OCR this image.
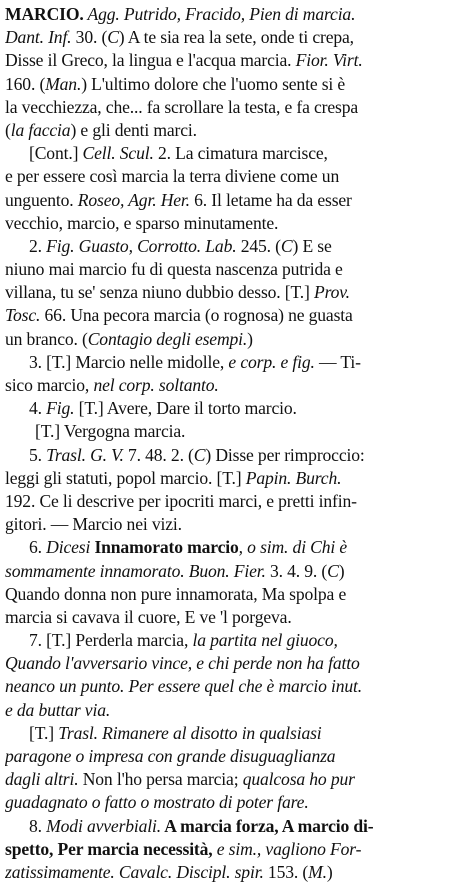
MARCIO. Agg. Putrido, Fracido, Pien di marcia.
Dant. Inf. 30. (C) A te sia rea la sete, onde ti crepa,
Disse il Greco, la lingua e l'acqua marcia. Fior. Virt.
160. (Man.) L'ultimo dolore che l'uomo sente si è
la vecchiezza, che... fa scrollare la testa, e fa crespa
(la faccia) e gli denti marci.
[Cont.] Cell. Scul. 2. La cimatura marcisce,
e per essere così marcia la terra diviene come un
unguento. Roseo, Agr. Her. 6. Il letame ha da esser
vecchio, marcio, e sparso minutamente.
2. Fig. Guasto, Corrotto. Lab. 245. (C) E se
niuno mai marcio fu di questa nascenza putrida e
villana, tu se' senza niuno dubbio desso. [T.] Prov.
Tosc. 66. Una pecora marcia (o rognosa) ne guasta
un branco. (Contagio degli esempi.)
3. [T.] Marcio nelle midolle, e corp. e fig. — Ti-
sico marcio, nel corp. soltanto.
4. Fig. [T.] Avere, Dare il torto marcio.
[T.] Vergogna marcia.
5. Trasl. G. V. 7. 48. 2. (C) Disse per rimproccio:
leggi gli statuti, popol marcio. [T.] Papin. Burch.
192. Ce li descrive per ipocriti marci, e pretti infin-
gitori. — Marcio nei vizi.
6. Dicesi Innamorato marcio, o sim. di Chi è
sommamente innamorato. Buon. Fier. 3. 4. 9. (C)
Quando donna non pure innamorata, Ma spolpa e
marcia si cavava il cuore, E ve 'l porgeva.
7. [T.] Perderla marcia, la partita nel giuoco,
Quando l'avversario vince, e chi perde non ha fatto
neanco un punto. Per essere quel che è marcio inut.
e da buttar via.
[T.] Trasl. Rimanere al disotto in qualsiasi
paragone o impresa con grande disuguaglianza
dagli altri. Non l'ho persa marcia; qualcosa ho pur
guadagnato o fatto o mostrato di poter fare.
8. Modi avverbiali. A marcia forza, A marcio di-
spetto, Per marcia necessità, e sim., vagliono For-
zatissimamente. Cavalc. Discipl. spir. 153. (M.)
